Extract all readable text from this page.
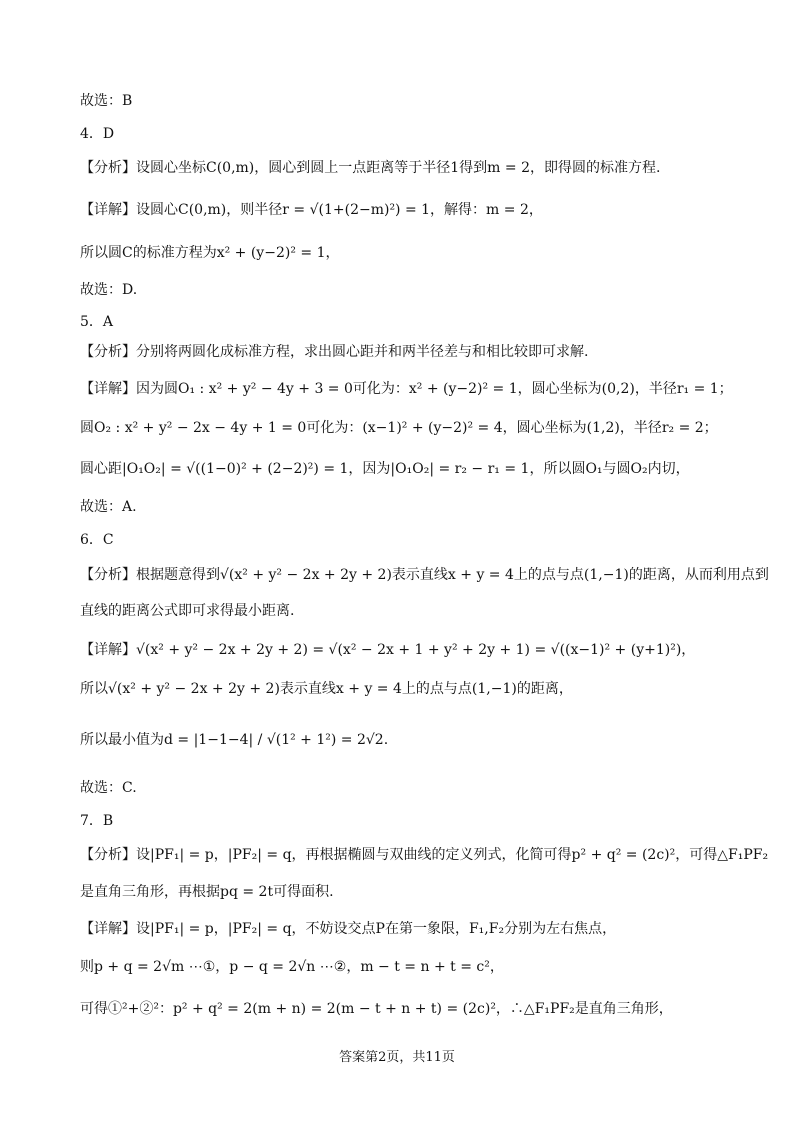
故选：B
4．D
【分析】设圆心坐标C(0,m)，圆心到圆上一点距离等于半径1得到m = 2，即得圆的标准方程.
【详解】设圆心C(0,m)，则半径r = √(1+(2−m)²) = 1，解得：m = 2，
所以圆C的标准方程为x² + (y−2)² = 1，
故选：D.
5．A
【分析】分别将两圆化成标准方程，求出圆心距并和两半径差与和相比较即可求解.
【详解】因为圆O₁ : x² + y² − 4y + 3 = 0可化为：x² + (y−2)² = 1，圆心坐标为(0,2)，半径r₁ = 1；
圆O₂ : x² + y² − 2x − 4y + 1 = 0可化为：(x−1)² + (y−2)² = 4，圆心坐标为(1,2)，半径r₂ = 2；
圆心距|O₁O₂| = √((1−0)² + (2−2)²) = 1，因为|O₁O₂| = r₂ − r₁ = 1，所以圆O₁与圆O₂内切，
故选：A.
6．C
【分析】根据题意得到√(x² + y² − 2x + 2y + 2)表示直线x + y = 4上的点与点(1,−1)的距离，从而利用点到
直线的距离公式即可求得最小距离.
【详解】√(x² + y² − 2x + 2y + 2) = √(x² − 2x + 1 + y² + 2y + 1) = √((x−1)² + (y+1)²)，
所以√(x² + y² − 2x + 2y + 2)表示直线x + y = 4上的点与点(1,−1)的距离，
所以最小值为d = |1−1−4| / √(1² + 1²) = 2√2.
故选：C.
7．B
【分析】设|PF₁| = p，|PF₂| = q，再根据椭圆与双曲线的定义列式，化简可得p² + q² = (2c)²，可得△F₁PF₂
是直角三角形，再根据pq = 2t可得面积.
【详解】设|PF₁| = p，|PF₂| = q，不妨设交点P在第一象限，F₁,F₂分别为左右焦点，
则p + q = 2√m ⋯①，p − q = 2√n ⋯②，m − t = n + t = c²，
可得①²+②²：p² + q² = 2(m + n) = 2(m − t + n + t) = (2c)²，∴△F₁PF₂是直角三角形，
答案第2页，共11页
